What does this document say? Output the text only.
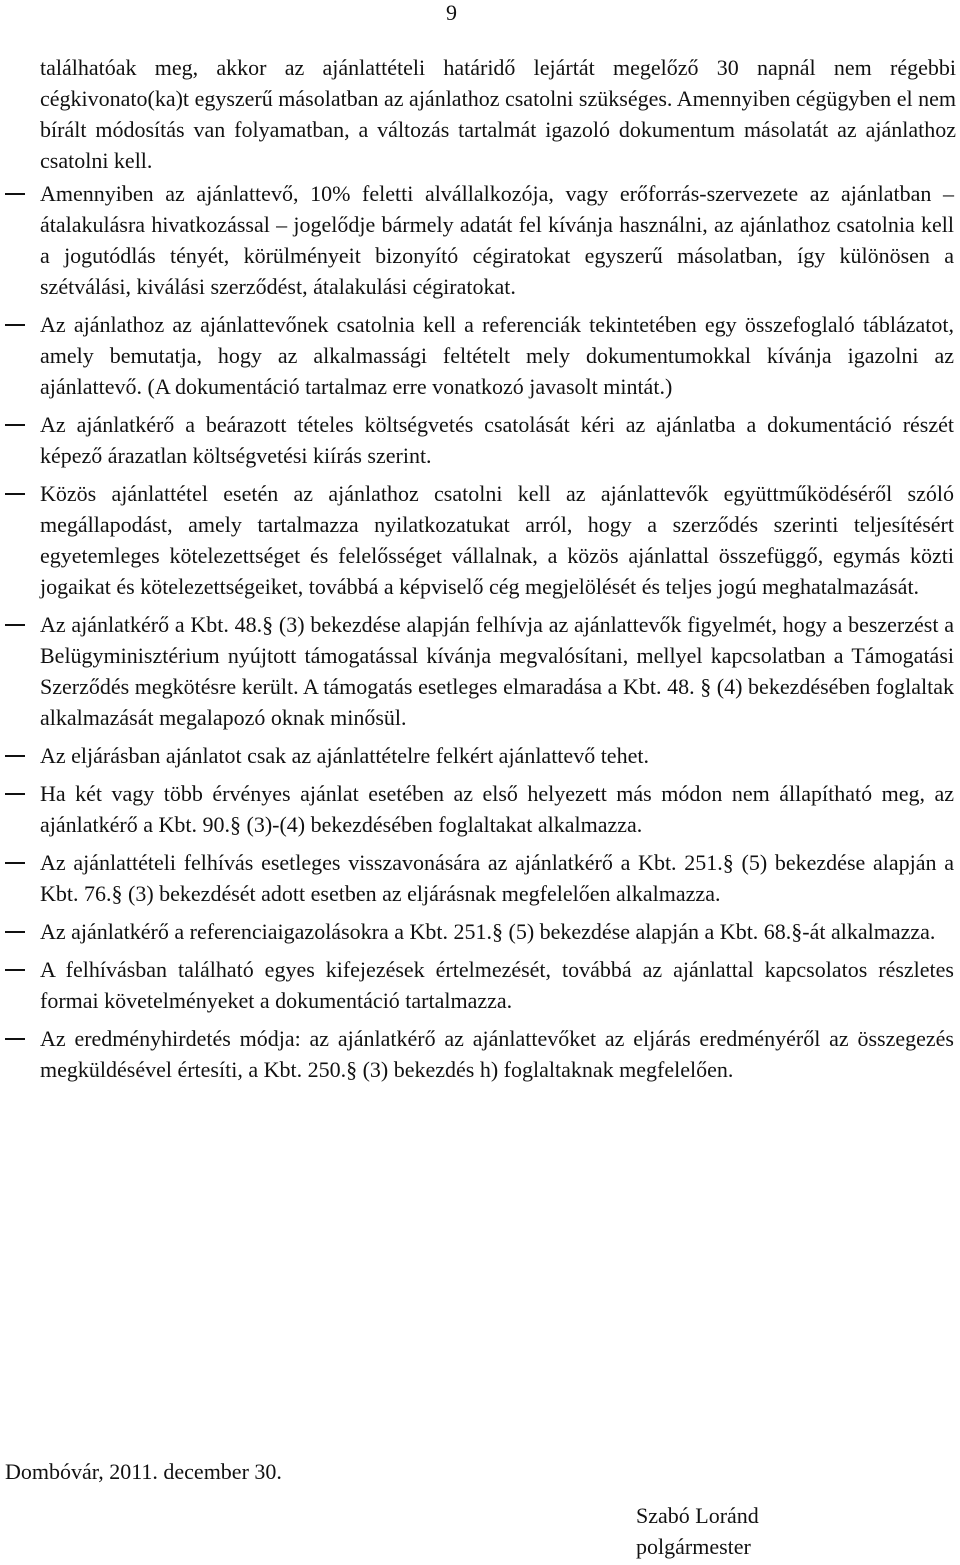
9
találhatóak meg, akkor az ajánlattételi határidő lejártát megelőző 30 napnál nem régebbi cégkivonato(ka)t egyszerű másolatban az ajánlathoz csatolni szükséges. Amennyiben cégügyben el nem bírált módosítás van folyamatban, a változás tartalmát igazoló dokumentum másolatát az ajánlathoz csatolni kell.
Amennyiben az ajánlattevő, 10% feletti alvállalkozója, vagy erőforrás-szervezete az ajánlatban – átalakulásra hivatkozással – jogelődje bármely adatát fel kívánja használni, az ajánlathoz csatolnia kell a jogutódlás tényét, körülményeit bizonyító cégiratokat egyszerű másolatban, így különösen a szétválási, kiválási szerződést, átalakulási cégiratokat.
Az ajánlathoz az ajánlattevőnek csatolnia kell a referenciák tekintetében egy összefoglaló táblázatot, amely bemutatja, hogy az alkalmassági feltételt mely dokumentumokkal kívánja igazolni az ajánlattevő. (A dokumentáció tartalmaz erre vonatkozó javasolt mintát.)
Az ajánlatkérő a beárazott tételes költségvetés csatolását kéri az ajánlatba a dokumentáció részét képező árazatlan költségvetési kiírás szerint.
Közös ajánlattétel esetén az ajánlathoz csatolni kell az ajánlattevők együttműködéséről szóló megállapodást, amely tartalmazza nyilatkozatukat arról, hogy a szerződés szerinti teljesítésért egyetemleges kötelezettséget és felelősséget vállalnak, a közös ajánlattal összefüggő, egymás közti jogaikat és kötelezettségeiket, továbbá a képviselő cég megjelölését és teljes jogú meghatalmazását.
Az ajánlatkérő a Kbt. 48.§ (3) bekezdése alapján felhívja az ajánlattevők figyelmét, hogy a beszerzést a Belügyminisztérium nyújtott támogatással kívánja megvalósítani, mellyel kapcsolatban a Támogatási Szerződés megkötésre került. A támogatás esetleges elmaradása a Kbt. 48. § (4) bekezdésében foglaltak alkalmazását megalapozó oknak minősül.
Az eljárásban ajánlatot csak az ajánlattételre felkért ajánlattevő tehet.
Ha két vagy több érvényes ajánlat esetében az első helyezett más módon nem állapítható meg, az ajánlatkérő a Kbt. 90.§ (3)-(4) bekezdésében foglaltakat alkalmazza.
Az ajánlattételi felhívás esetleges visszavonására az ajánlatkérő a Kbt. 251.§ (5) bekezdése alapján a Kbt. 76.§ (3) bekezdését adott esetben az eljárásnak megfelelően alkalmazza.
Az ajánlatkérő a referenciaigazolásokra a Kbt. 251.§ (5) bekezdése alapján a Kbt. 68.§-át alkalmazza.
A felhívásban található egyes kifejezések értelmezését, továbbá az ajánlattal kapcsolatos részletes formai követelményeket a dokumentáció tartalmazza.
Az eredményhirdetés módja: az ajánlatkérő az ajánlattevőket az eljárás eredményéről az összegezés megküldésével értesíti, a Kbt. 250.§ (3) bekezdés h) foglaltaknak megfelelően.
Dombóvár, 2011. december 30.
Szabó Loránd
polgármester
